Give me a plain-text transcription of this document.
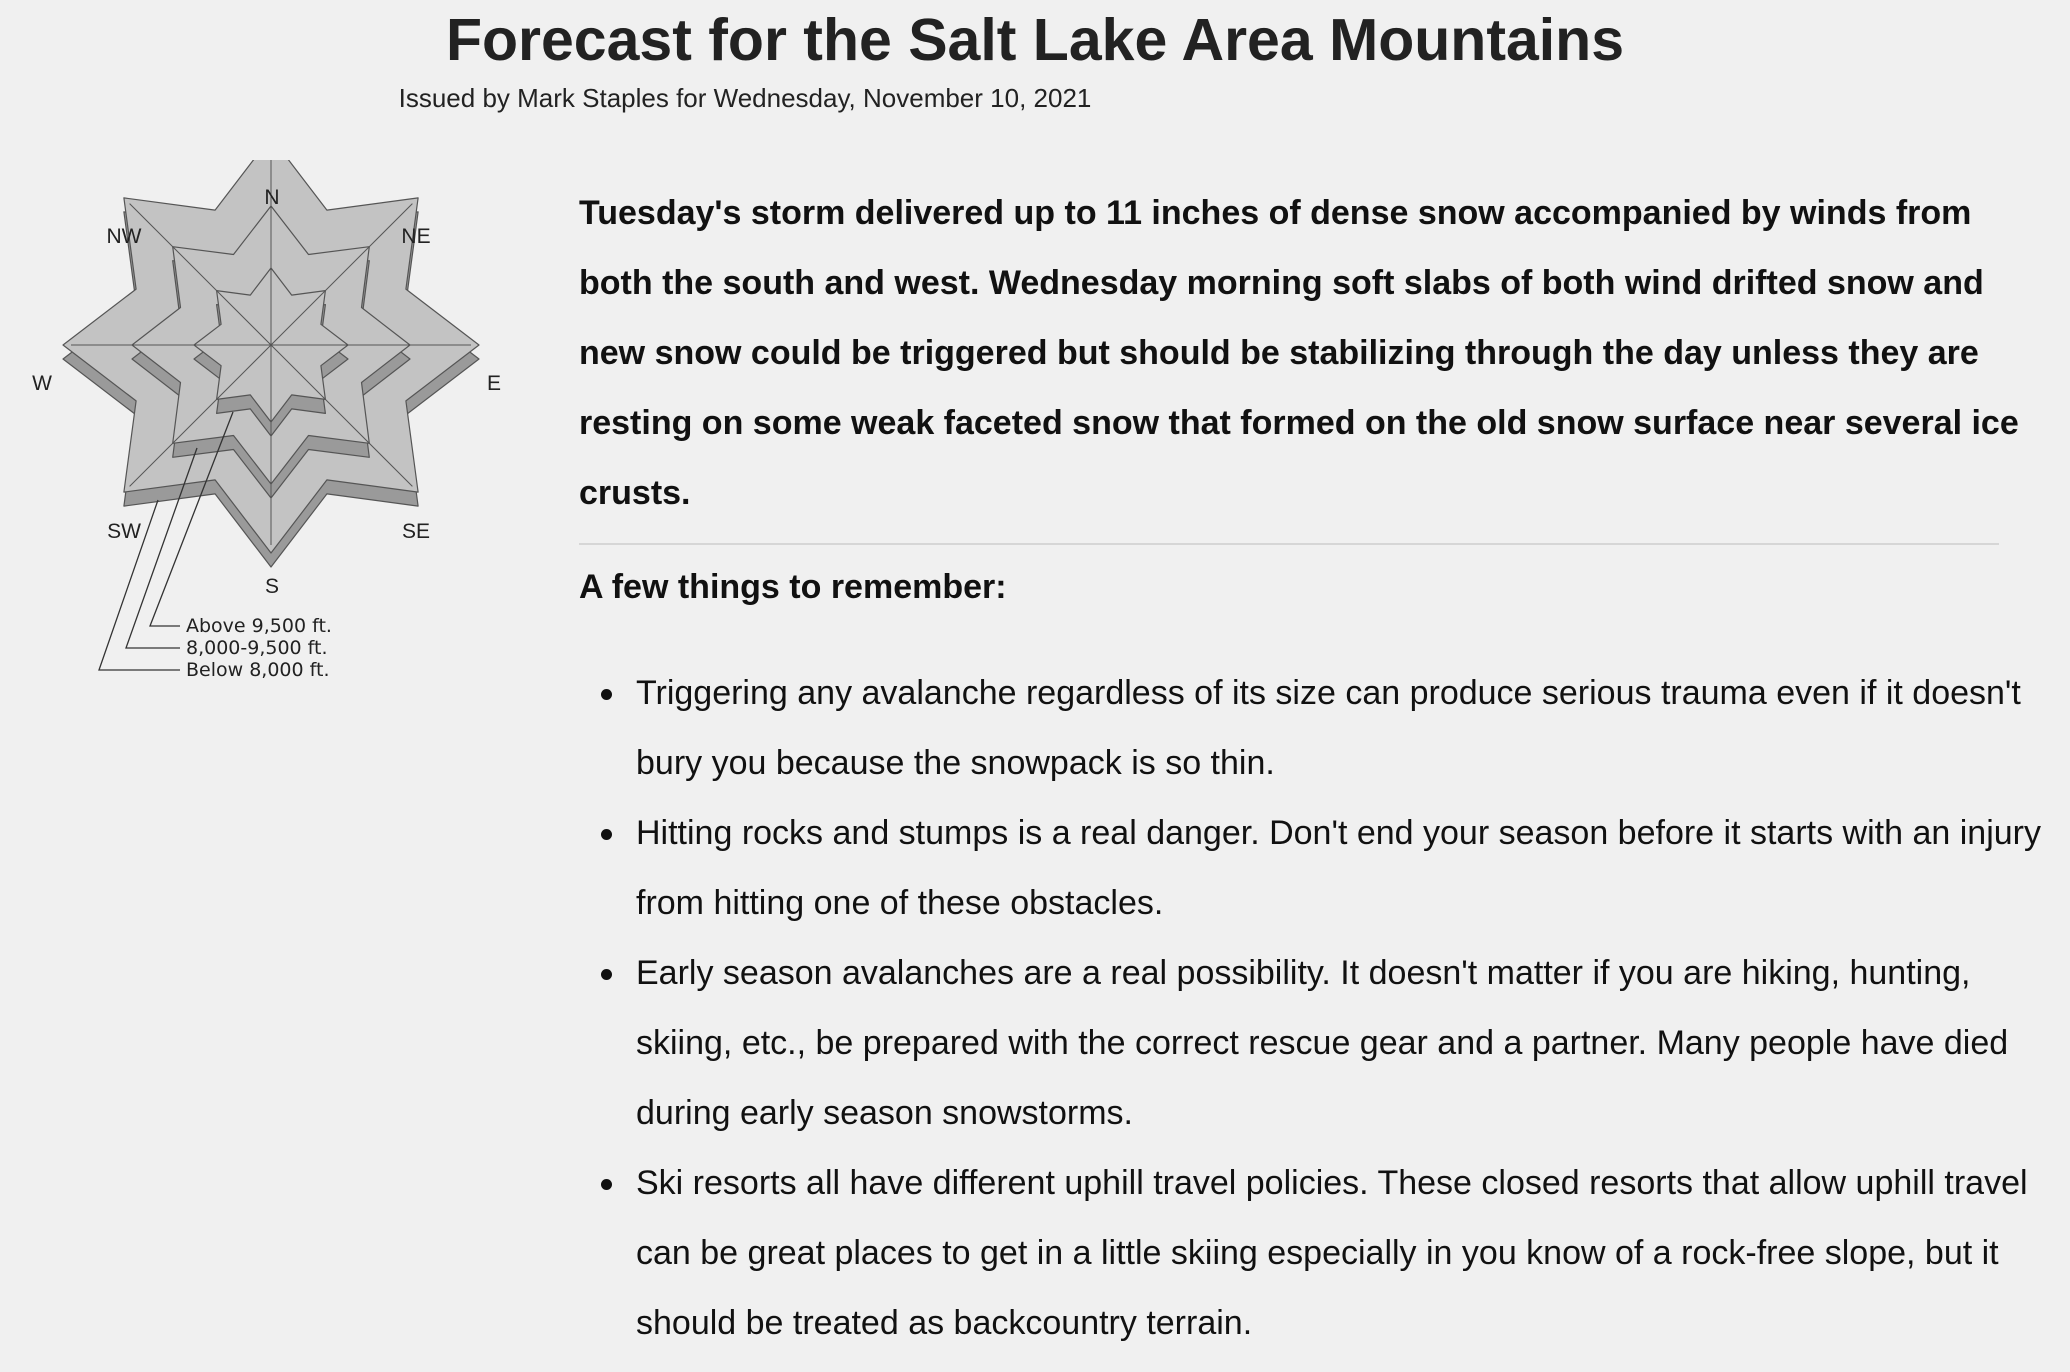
Forecast for the Salt Lake Area Mountains
Issued by Mark Staples for Wednesday, November 10, 2021
N
NE
E
SE
S
SW
W
NW
Above 9,500 ft.
8,000-9,500 ft.
Below 8,000 ft.

Tuesday's storm delivered up to 11 inches of dense snow accompanied by winds from both the south and west. Wednesday morning soft slabs of both wind drifted snow and new snow could be triggered but should be stabilizing through the day unless they are resting on some weak faceted snow that formed on the old snow surface near several ice crusts.

A few things to remember:
Triggering any avalanche regardless of its size can produce serious trauma even if it doesn't bury you because the snowpack is so thin.
Hitting rocks and stumps is a real danger. Don't end your season before it starts with an injury from hitting one of these obstacles.
Early season avalanches are a real possibility. It doesn't matter if you are hiking, hunting, skiing, etc., be prepared with the correct rescue gear and a partner. Many people have died during early season snowstorms.
Ski resorts all have different uphill travel policies. These closed resorts that allow uphill travel can be great places to get in a little skiing especially in you know of a rock-free slope, but it should be treated as backcountry terrain.
